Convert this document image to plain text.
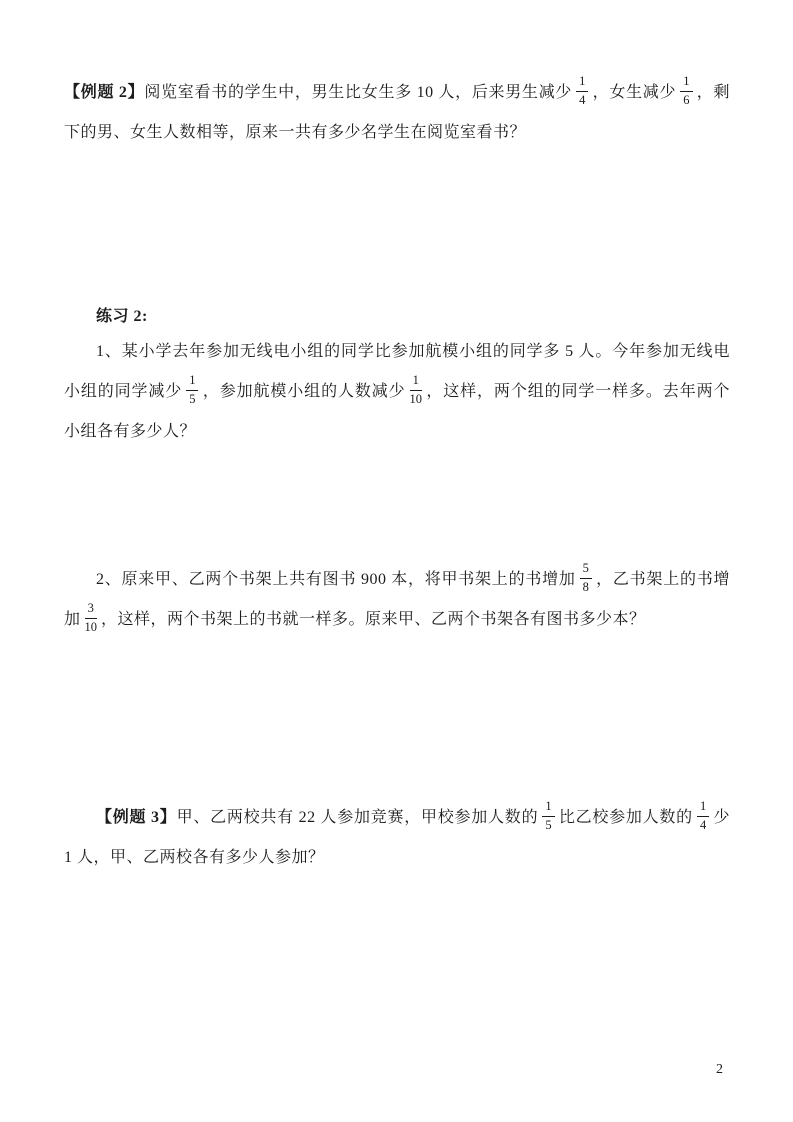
【例题 2】阅览室看书的学生中，男生比女生多 10 人，后来男生减少 $\frac{1}{4}$ ，女生减少 $\frac{1}{6}$ ，剩下的男、女生人数相等，原来一共有多少名学生在阅览室看书？

练习 2:

1、某小学去年参加无线电小组的同学比参加航模小组的同学多 5 人。今年参加无线电小组的同学减少 $\frac{1}{5}$ ，参加航模小组的人数减少 $\frac{1}{10}$ ，这样，两个组的同学一样多。去年两个小组各有多少人？

2、原来甲、乙两个书架上共有图书 900 本，将甲书架上的书增加 $\frac{5}{8}$ ，乙书架上的书增加 $\frac{3}{10}$ ，这样，两个书架上的书就一样多。原来甲、乙两个书架各有图书多少本？

【例题 3】甲、乙两校共有 22 人参加竞赛，甲校参加人数的 $\frac{1}{5}$ 比乙校参加人数的 $\frac{1}{4}$ 少 1 人，甲、乙两校各有多少人参加？

2
